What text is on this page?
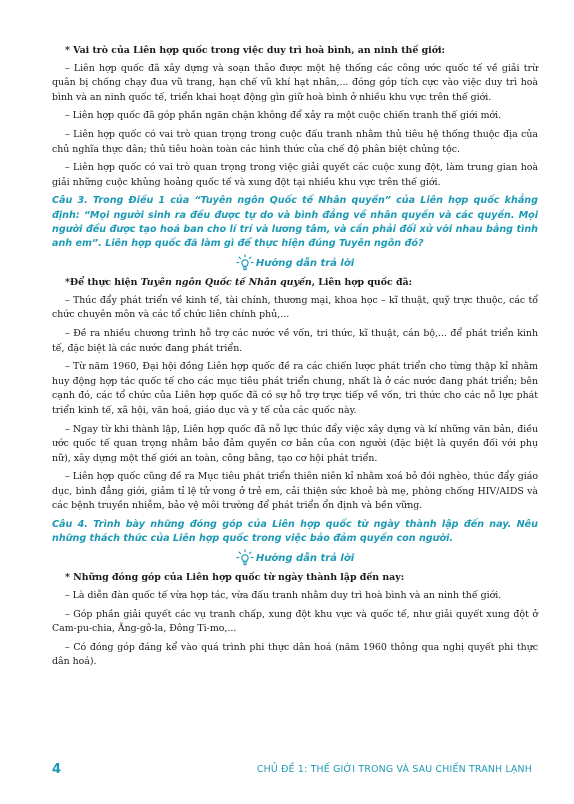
* Vai trò của Liên hợp quốc trong việc duy trì hoà bình, an ninh thế giới:

– Liên hợp quốc đã xây dựng và soạn thảo được một hệ thống các công ước quốc tế về giải trừ quân bị chống chạy đua vũ trang, hạn chế vũ khí hạt nhân,... đóng góp tích cực vào việc duy trì hoà bình và an ninh quốc tế, triển khai hoạt động gìn giữ hoà bình ở nhiều khu vực trên thế giới.

– Liên hợp quốc đã góp phần ngăn chặn không để xảy ra một cuộc chiến tranh thế giới mới.

– Liên hợp quốc có vai trò quan trọng trong cuộc đấu tranh nhằm thủ tiêu hệ thống thuộc địa của chủ nghĩa thực dân; thủ tiêu hoàn toàn các hình thức của chế độ phân biệt chủng tộc.

– Liên hợp quốc có vai trò quan trọng trong việc giải quyết các cuộc xung đột, làm trung gian hoà giải những cuộc khủng hoảng quốc tế và xung đột tại nhiều khu vực trên thế giới.

Câu 3. Trong Điều 1 của “Tuyên ngôn Quốc tế Nhân quyền” của Liên hợp quốc khẳng định: “Mọi người sinh ra đều được tự do và bình đẳng về nhân quyền và các quyền. Mọi người đều được tạo hoá ban cho lí trí và lương tâm, và cần phải đối xử với nhau bằng tình anh em”. Liên hợp quốc đã làm gì để thực hiện đúng Tuyên ngôn đó?

Hướng dẫn trả lời

*Để thực hiện Tuyên ngôn Quốc tế Nhân quyền, Liên hợp quốc đã:

– Thúc đẩy phát triển về kinh tế, tài chính, thương mại, khoa học – kĩ thuật, quỹ trực thuộc, các tổ chức chuyên môn và các tổ chức liên chính phủ,...

– Đề ra nhiều chương trình hỗ trợ các nước về vốn, tri thức, kĩ thuật, cán bộ,... để phát triển kinh tế, đặc biệt là các nước đang phát triển.

– Từ năm 1960, Đại hội đồng Liên hợp quốc đề ra các chiến lược phát triển cho từng thập kỉ nhằm huy động hợp tác quốc tế cho các mục tiêu phát triển chung, nhất là ở các nước đang phát triển; bên cạnh đó, các tổ chức của Liên hợp quốc đã có sự hỗ trợ trực tiếp về vốn, tri thức cho các nỗ lực phát triển kinh tế, xã hội, văn hoá, giáo dục và y tế của các quốc này.

– Ngay từ khi thành lập, Liên hợp quốc đã nỗ lực thúc đẩy việc xây dựng và kí những văn bản, điều ước quốc tế quan trọng nhằm bảo đảm quyền cơ bản của con người (đặc biệt là quyền đối với phụ nữ), xây dựng một thế giới an toàn, công bằng, tạo cơ hội phát triển.

– Liên hợp quốc cũng đề ra Mục tiêu phát triển thiên niên kỉ nhằm xoá bỏ đói nghèo, thúc đẩy giáo dục, bình đẳng giới, giảm tỉ lệ tử vong ở trẻ em, cải thiện sức khoẻ bà mẹ, phòng chống HIV/AIDS và các bệnh truyền nhiễm, bảo vệ môi trường để phát triển ổn định và bền vững.

Câu 4. Trình bày những đóng góp của Liên hợp quốc từ ngày thành lập đến nay. Nêu những thách thức của Liên hợp quốc trong việc bảo đảm quyền con người.

Hướng dẫn trả lời

* Những đóng góp của Liên hợp quốc từ ngày thành lập đến nay:

– Là diễn đàn quốc tế vừa hợp tác, vừa đấu tranh nhằm duy trì hoà bình và an ninh thế giới.

– Góp phần giải quyết các vụ tranh chấp, xung đột khu vực và quốc tế, như giải quyết xung đột ở Cam-pu-chia, Ăng-gô-la, Đông Ti-mo,...

– Có đóng góp đáng kể vào quá trình phi thực dân hoá (năm 1960 thông qua nghị quyết phi thực dân hoá).

4	CHỦ ĐỀ 1: THẾ GIỚI TRONG VÀ SAU CHIẾN TRANH LẠNH
